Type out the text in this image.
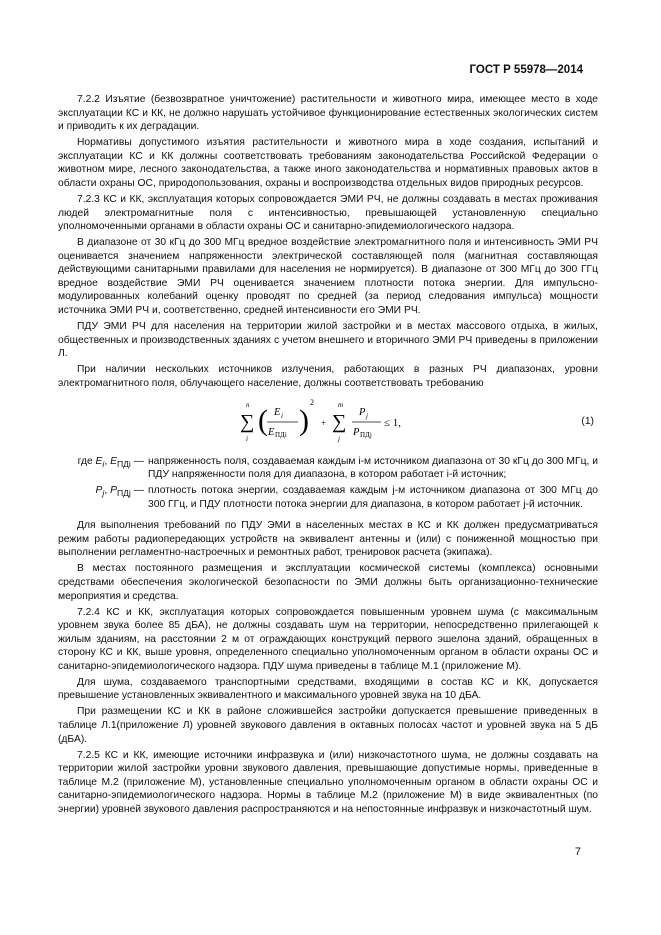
ГОСТ Р 55978—2014

7.2.2 Изъятие (безвозвратное уничтожение) растительности и животного мира, имеющее место в ходе эксплуатации КС и КК, не должно нарушать устойчивое функционирование естественных экологических систем и приводить к их деградации.

Нормативы допустимого изъятия растительности и животного мира в ходе создания, испытаний и эксплуатации КС и КК должны соответствовать требованиям законодательства Российской Федерации о животном мире, лесного законодательства, а также иного законодательства и нормативных правовых актов в области охраны ОС, природопользования, охраны и воспроизводства отдельных видов природных ресурсов.

7.2.3 КС и КК, эксплуатация которых сопровождается ЭМИ РЧ, не должны создавать в местах проживания людей электромагнитные поля с интенсивностью, превышающей установленную специально уполномоченными органами в области охраны ОС и санитарно-эпидемиологического надзора.

В диапазоне от 30 кГц до 300 МГц вредное воздействие электромагнитного поля и интенсивность ЭМИ РЧ оценивается значением напряженности электрической составляющей поля (магнитная составляющая действующими санитарными правилами для населения не нормируется). В диапазоне от 300 МГц до 300 ГГц вредное воздействие ЭМИ РЧ оценивается значением плотности потока энергии. Для импульсно-модулированных колебаний оценку проводят по средней (за период следования импульса) мощности источника ЭМИ РЧ и, соответственно, средней интенсивности его ЭМИ РЧ.

ПДУ ЭМИ РЧ для населения на территории жилой застройки и в местах массового отдыха, в жилых, общественных и производственных зданиях с учетом внешнего и вторичного ЭМИ РЧ приведены в приложении Л.

При наличии нескольких источников излучения, работающих в разных РЧ диапазонах, уровни электромагнитного поля, облучающего население, должны соответствовать требованию

n
∑
i
( E i
E ПДi )
2
+
m
∑
j
P j
P ПДj
≤ 1,	(1)
где $E_i$, $E_{ПДi}$ — напряженность поля, создаваемая каждым i-м источником диапазона от 30 кГц до 300 МГц, и ПДУ напряженности поля для диапазона, в котором работает i-й источник;
$P_j$, $P_{ПДj}$ — плотность потока энергии, создаваемая каждым j-м источником диапазона от 300 МГц до 300 ГГц, и ПДУ плотности потока энергии для диапазона, в котором работает j-й источник.

Для выполнения требований по ПДУ ЭМИ в населенных местах в КС и КК должен предусматриваться режим работы радиопередающих устройств на эквивалент антенны и (или) с пониженной мощностью при выполнении регламентно-настроечных и ремонтных работ, тренировок расчета (экипажа).

В местах постоянного размещения и эксплуатации космической системы (комплекса) основными средствами обеспечения экологической безопасности по ЭМИ должны быть организационно-технические мероприятия и средства.

7.2.4 КС и КК, эксплуатация которых сопровождается повышенным уровнем шума (с максимальным уровнем звука более 85 дБА), не должны создавать шум на территории, непосредственно прилегающей к жилым зданиям, на расстоянии 2 м от ограждающих конструкций первого эшелона зданий, обращенных в сторону КС и КК, выше уровня, определенного специально уполномоченным органом в области охраны ОС и санитарно-эпидемиологического надзора. ПДУ шума приведены в таблице М.1 (приложение М).

Для шума, создаваемого транспортными средствами, входящими в состав КС и КК, допускается превышение установленных эквивалентного и максимального уровней звука на 10 дБА.

При размещении КС и КК в районе сложившейся застройки допускается превышение приведенных в таблице Л.1(приложение Л) уровней звукового давления в октавных полосах частот и уровней звука на 5 дБ (дБА).

7.2.5 КС и КК, имеющие источники инфразвука и (или) низкочастотного шума, не должны создавать на территории жилой застройки уровни звукового давления, превышающие допустимые нормы, приведенные в таблице М.2 (приложение М), установленные специально уполномоченным органом в области охраны ОС и санитарно-эпидемиологического надзора. Нормы в таблице М.2 (приложение М) в виде эквивалентных (по энергии) уровней звукового давления распространяются и на непостоянные инфразвук и низкочастотный шум.

7
